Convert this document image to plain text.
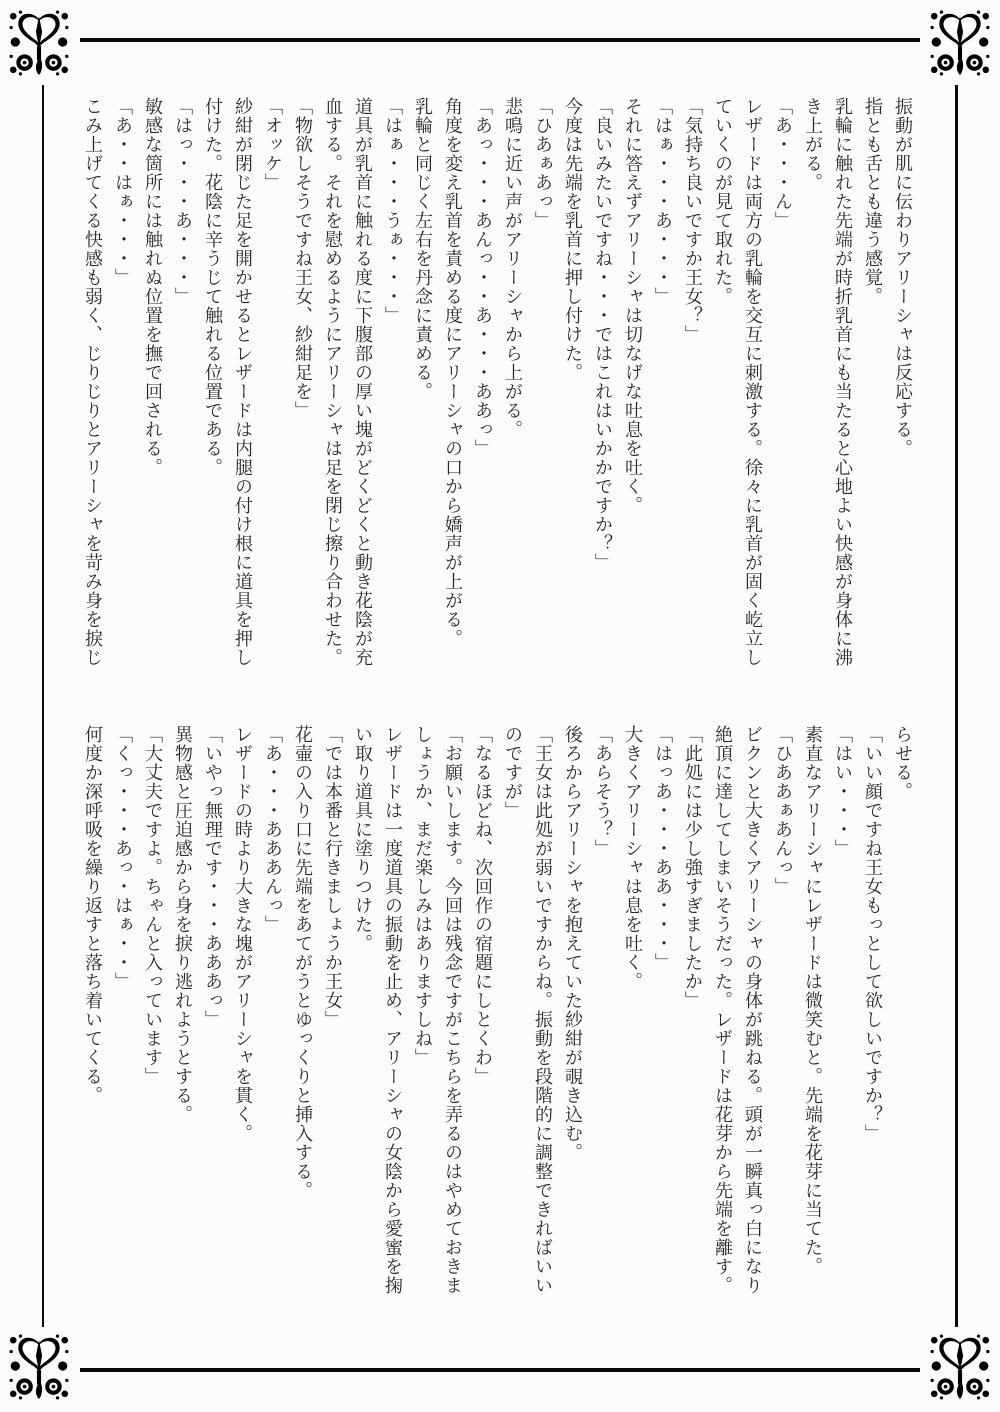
振動が肌に伝わりアリーシャは反応する。
指とも舌とも違う感覚。
乳輪に触れた先端が時折乳首にも当たると心地よい快感が身体に沸
き上がる。
「あ・・・ん」
レザードは両方の乳輪を交互に刺激する。徐々に乳首が固く屹立し
ていくのが見て取れた。
「気持ち良いですか王女？」
「はぁ・・・あ・・・」
それに答えずアリーシャは切なげな吐息を吐く。
「良いみたいですね・・・ではこれはいかかですか？」
今度は先端を乳首に押し付けた。
「ひあぁあっ」
悲鳴に近い声がアリーシャから上がる。
「あっ・・・あんっ・・あ・・・ああっ」
角度を変え乳首を責める度にアリーシャの口から嬌声が上がる。
乳輪と同じく左右を丹念に責める。
「はぁ・・・うぁ・・・」
道具が乳首に触れる度に下腹部の厚い塊がどくどくと動き花陰が充
血する。それを慰めるようにアリーシャは足を閉じ擦り合わせた。
「物欲しそうですね王女、紗紺足を」
「オッケ」
紗紺が閉じた足を開かせるとレザードは内腿の付け根に道具を押し
付けた。花陰に辛うじて触れる位置である。
「はっ・・・あ・・・」
敏感な箇所には触れぬ位置を撫で回される。
「あ・・はぁ・・・」
こみ上げてくる快感も弱く、じりじりとアリーシャを苛み身を捩じ
らせる。
「いい顔ですね王女もっとして欲しいですか？」
「はい・・・」
素直なアリーシャにレザードは微笑むと。先端を花芽に当てた。
「ひああぁあんっ」
ビクンと大きくアリーシャの身体が跳ねる。頭が一瞬真っ白になり
絶頂に達してしまいそうだった。レザードは花芽から先端を離す。
「此処には少し強すぎましたか」
「はっあ・・・ああ・・・」
大きくアリーシャは息を吐く。
「あらそう？」
後ろからアリーシャを抱えていた紗紺が覗き込む。
「王女は此処が弱いですからね。振動を段階的に調整できればいい
のですが」
「なるほどね、次回作の宿題にしとくわ」
「お願いします。今回は残念ですがこちらを弄るのはやめておきま
しょうか、まだ楽しみはありますしね」
レザードは一度道具の振動を止め、アリーシャの女陰から愛蜜を掬
い取り道具に塗りつけた。
「では本番と行きましょうか王女」
花壷の入り口に先端をあてがうとゆっくりと挿入する。
「あ・・・あああんっ」
レザードの時より大きな塊がアリーシャを貫く。
「いやっ無理です・・・あああっ」
異物感と圧迫感から身を捩り逃れようとする。
「大丈夫ですよ。ちゃんと入っています」
「くっ・・・あっ・はぁ・・」
何度か深呼吸を繰り返すと落ち着いてくる。
